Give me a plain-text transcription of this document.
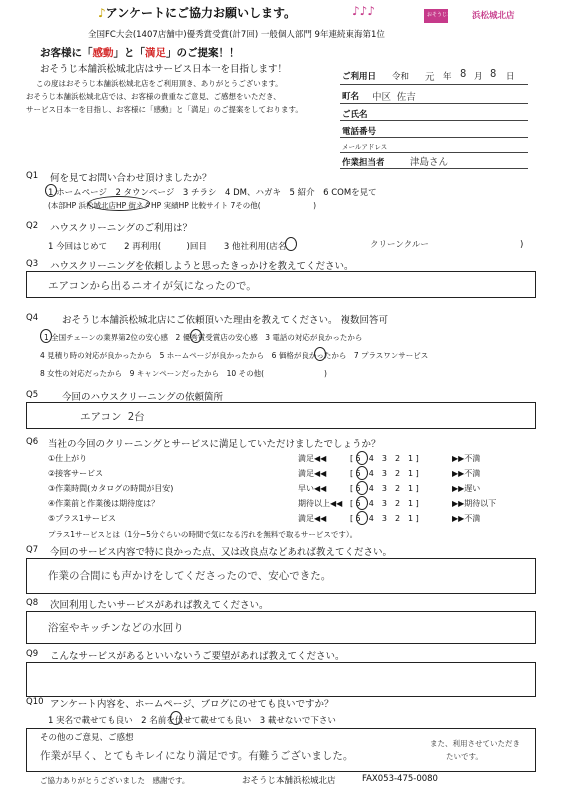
♪アンケートにご協力お願いします。	♪♪♪	おそうじ本舗 浜松城北店
全国FC大会(1407店舗中)優秀賞受賞(計7回) 一般個人部門 9年連続東海第1位
お客様に「感動」と「満足」のご提案！！
おそうじ本舗浜松城北店はサービス日本一を目指します！
この度はおそうじ本舗浜松城北店をご利用頂き、ありがとうございます。
おそうじ本舗浜松城北店では、お客様の貴重なご意見、ご感想をいただき、
サービス日本一を目指し、お客様に「感動」と「満足」のご提案をしております。
ご利用日 令和 元 年 8 月 8 日
町名 中区 佐吉
ご氏名
電話番号
メールアドレス
作業担当者	津島さん
Q1 何を見てお問い合わせ頂けましたか？
1 ホームページ　2 タウンページ　3 チラシ　4 DM、ハガキ　5 紹介　6 COMを見て
(本部HP 浜松城北店HP 街ネタHP 実績HP 比較サイト 7その他(　　　　　　　)
Q2 ハウスクリーニングのご利用は？
1 今回はじめて　　2 再利用(　　　)回目　　3 他社利用(店名	クリーンクルー	)
Q3 ハウスクリーニングを依頼しようと思ったきっかけを教えてください。
エアコンから出るニオイが気になったので。
Q4	おそうじ本舗浜松城北店にご依頼頂いた理由を教えてください。 複数回答可
1 全国チェーンの業界第2位の安心感　2 優秀賞受賞店の安心感　3 電話の対応が良かったから
4 見積り時の対応が良かったから　5 ホームページが良かったから　6 価格が良かったから　7 プラスワンサービス
8 女性の対応だったから　9 キャンペーンだったから　10 その他(　　　　　　　　)
Q5	今回のハウスクリーニングの依頼箇所
エアコン 2台
Q6 当社の今回のクリーニングとサービスに満足していただけましたでしょうか？
①仕上がり	満足◀◀	[ 5　4　3　2　1 ]	▶▶不満
②接客サービス	満足◀◀	[ 5　4　3　2　1 ]	▶▶不満
③作業時間(カタログの時間が目安)	早い◀◀	[ 5　4　3　2　1 ]	▶▶遅い
④作業前と作業後は期待度は？	期待以上◀◀ [ 5　4　3　2　1 ]	▶▶期待以下
⑤プラス1サービス	満足◀◀	[ 5　4　3　2　1 ]	▶▶不満
プラス1サービスとは（1分~5分ぐらいの時間で気になる汚れを無料で取るサービスです）。
Q7 今回のサービス内容で特に良かった点、又は改良点などあれば教えてください。
作業の合間にも声かけをしてくださったので、安心できた。
Q8 次回利用したいサービスがあれば教えてください。
浴室やキッチンなどの水回り
Q9 こんなサービスがあるといいないうご要望があれば教えてください。
Q10 アンケート内容を、ホームページ、ブログにのせても良いですか？
1 実名で載せても良い　2 名前を伏せて載せても良い　3 載せないで下さい
その他のご意見、ご感想
作業が早く、とてもキレイになり満足です。有難うございました。
また、利用させていただき
たいです。
ご協力ありがとうございました　感謝です。	おそうじ本舗浜松城北店	FAX053-475-0080
